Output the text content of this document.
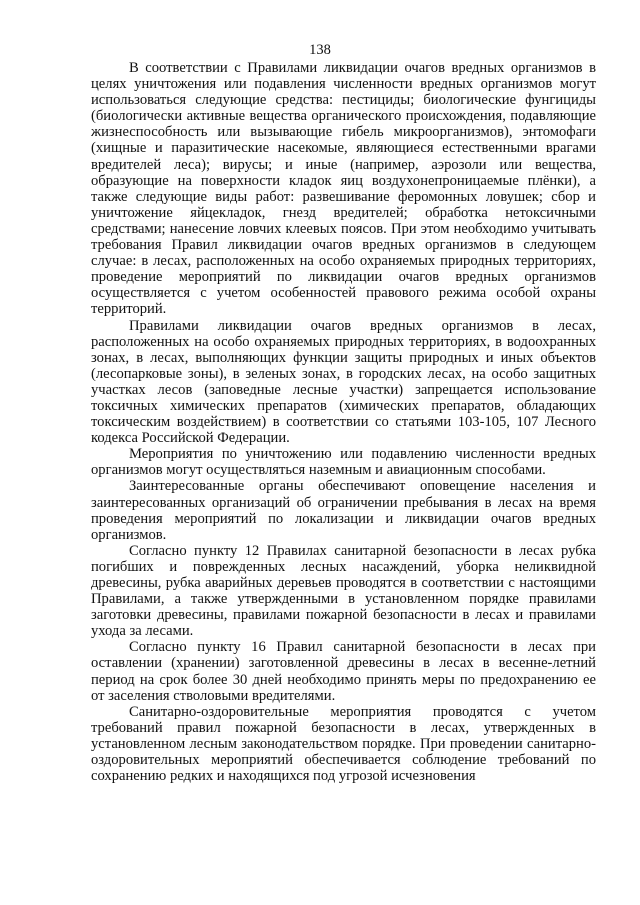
138

В соответствии с Правилами ликвидации очагов вредных организмов в целях уничтожения или подавления численности вредных организмов могут использоваться следующие средства: пестициды; биологические фунгициды (биологически активные вещества органического происхождения, подавляющие жизнеспособность или вызывающие гибель микроорганизмов), энтомофаги (хищные и паразитические насекомые, являющиеся естественными врагами вредителей леса); вирусы; и иные (например, аэрозоли или вещества, образующие на поверхности кладок яиц воздухонепроницаемые плёнки), а также следующие виды работ: развешивание феромонных ловушек; сбор и уничтожение яйцекладок, гнезд вредителей; обработка нетоксичными средствами; нанесение ловчих клеевых поясов. При этом необходимо учитывать требования Правил ликвидации очагов вредных организмов в следующем случае: в лесах, расположенных на особо охраняемых природных территориях, проведение мероприятий по ликвидации очагов вредных организмов осуществляется с учетом особенностей правового режима особой охраны территорий.

Правилами ликвидации очагов вредных организмов в лесах, расположенных на особо охраняемых природных территориях, в водоохранных зонах, в лесах, выполняющих функции защиты природных и иных объектов (лесопарковые зоны), в зеленых зонах, в городских лесах, на особо защитных участках лесов (заповедные лесные участки) запрещается использование токсичных химических препаратов (химических препаратов, обладающих токсическим воздействием) в соответствии со статьями 103-105, 107 Лесного кодекса Российской Федерации.

Мероприятия по уничтожению или подавлению численности вредных организмов могут осуществляться наземным и авиационным способами.

Заинтересованные органы обеспечивают оповещение населения и заинтересованных организаций об ограничении пребывания в лесах на время проведения мероприятий по локализации и ликвидации очагов вредных организмов.

Согласно пункту 12 Правилах санитарной безопасности в лесах рубка погибших и поврежденных лесных насаждений, уборка неликвидной древесины, рубка аварийных деревьев проводятся в соответствии с настоящими Правилами, а также утвержденными в установленном порядке правилами заготовки древесины, правилами пожарной безопасности в лесах и правилами ухода за лесами.

Согласно пункту 16 Правил санитарной безопасности в лесах при оставлении (хранении) заготовленной древесины в лесах в весенне-летний период на срок более 30 дней необходимо принять меры по предохранению ее от заселения стволовыми вредителями.

Санитарно-оздоровительные мероприятия проводятся с учетом требований правил пожарной безопасности в лесах, утвержденных в установленном лесным законодательством порядке. При проведении санитарно-оздоровительных мероприятий обеспечивается соблюдение требований по сохранению редких и находящихся под угрозой исчезновения
